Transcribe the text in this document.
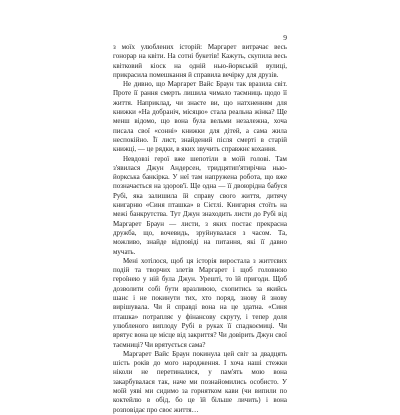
9

з моїх улюблених історій: Маргарет витрачає весь гонорар на квіти. На сотні букетів! Кажуть, скупила весь квітковий кіоск на одній нью-йоркській вулиці, прикрасила помешкання й справила вечірку для друзів.

Не дивно, що Маргарет Вайс Браун так вразила світ. Проте її рання смерть лишила чимало таємниць щодо її життя. Наприклад, чи знаєте ви, що натхненням для книжки «На добраніч, місяцю» стала реальна жінка? Ще менш відомо, що вона була вельми незалежна, хоча писала свої «сонні» книжки для дітей, а сама жила неспокійно. Її лист, знайдений після смерті в старій книжці, — це рядки, в яких звучить справжнє кохання.

Невдовзі герої вже шепотіли в моїй голові. Там з'явилася Джун Андерсен, тридцятип'ятирічна нью-йоркська банкірка. У неї там напружена робота, що вже позначається на здоров'ї. Ще одна — її двоюрідна бабуся Рубі, яка залишила їй справу свого життя, дитячу книгарню «Синя пташка» в Сієтлі. Книгарня стоїть на межі банкрутства. Тут Джун знаходить листи до Рубі від Маргарет Браун — листи, з яких постає прекрасна дружба, що, вочевидь, зруйнувалася з часом. Та, можливо, знайде відповіді на питання, які її давно мучать.

Мені хотілося, щоб ця історія виростала з життєвих подій та творчих злетів Маргарет і щоб головною героїнею у ній була Джун. Урешті, то їй пригоди. Щоб дозволити собі бути вразливою, схопитись за якийсь шанс і не покинути тих, хто поряд, знову й знову вирішувала. Чи й справді вона на це здатна. «Синя пташка» потрапляє у фінансову скруту, і тепер доля улюбленого виплоду Рубі в руках її спадкоємиці. Чи врятує вона це місце від закриття? Чи довірить Джун свої таємниці? Чи врятується сама?

Маргарет Вайс Браун покинула цей світ за двадцять шість років до мого народження. І хоча наші стежки ніколи не перетиналися, у пам'ять мою вона закарбувалася так, наче ми познайомились особисто. У моїй уяві ми сидимо за горнятком кави (чи випили по коктейлю в обід, бо це їй більше личить) і вона розповідає про своє життя…
